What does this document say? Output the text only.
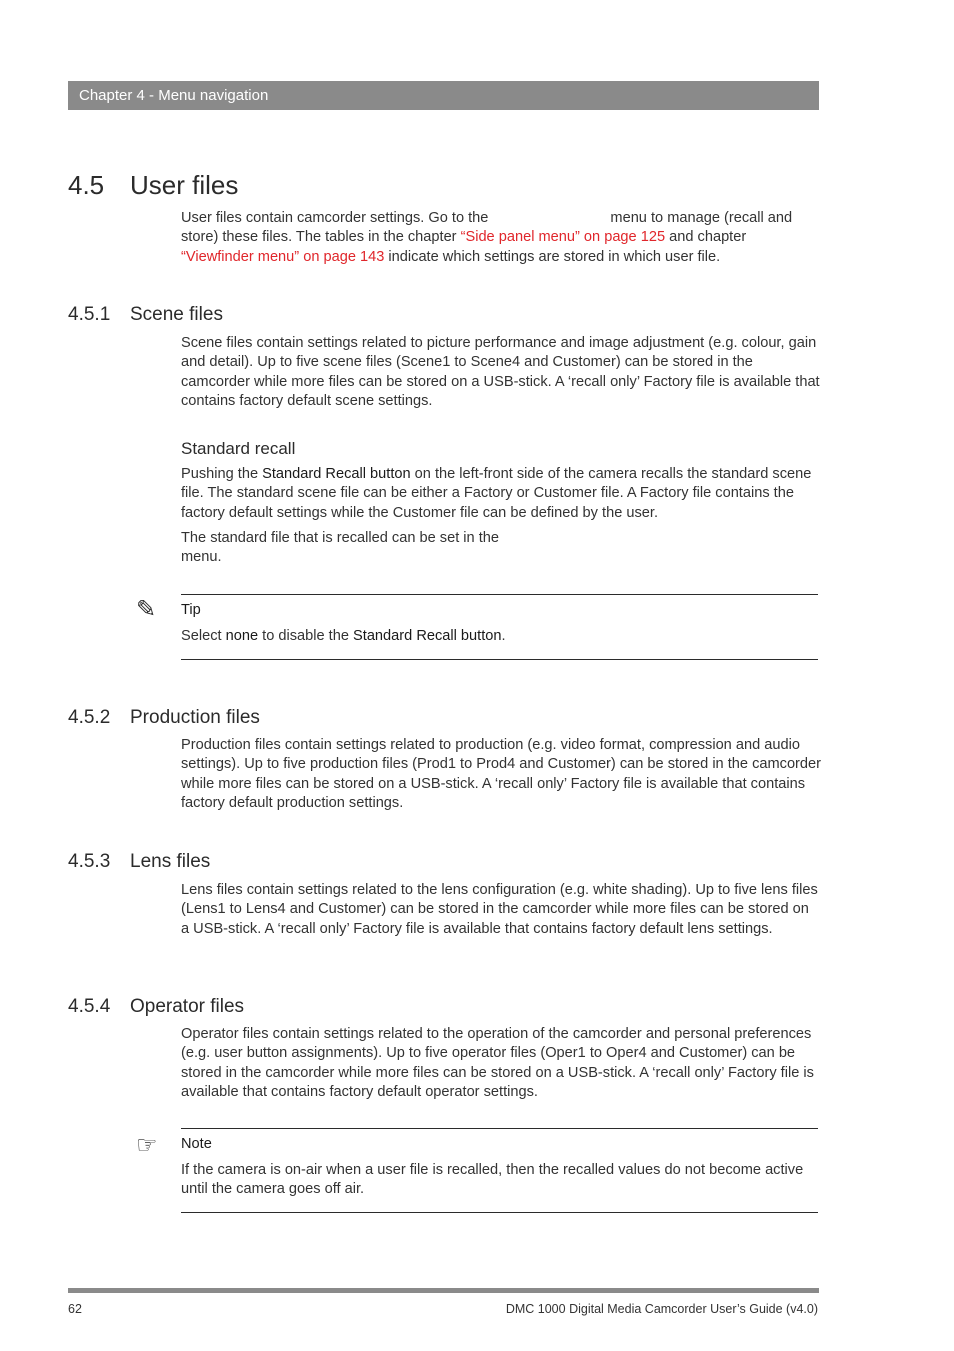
Chapter 4 - Menu navigation
4.5 User files

User files contain camcorder settings. Go to the	menu to manage (recall and store) these files. The tables in the chapter “Side panel menu” on page 125 and chapter “Viewfinder menu” on page 143 indicate which settings are stored in which user file.

4.5.1 Scene files

Scene files contain settings related to picture performance and image adjustment (e.g. colour, gain and detail). Up to five scene files (Scene1 to Scene4 and Customer) can be stored in the camcorder while more files can be stored on a USB-stick. A ‘recall only’ Factory file is available that contains factory default scene settings.

Standard recall

Pushing the Standard Recall button on the left-front side of the camera recalls the standard scene file. The standard scene file can be either a Factory or Customer file. A Factory file contains the factory default settings while the Customer file can be defined by the user.

The standard file that is recalled can be set in the
menu.

✎ Tip

Select none to disable the Standard Recall button.

4.5.2 Production files

Production files contain settings related to production (e.g. video format, compression and audio settings). Up to five production files (Prod1 to Prod4 and Customer) can be stored in the camcorder while more files can be stored on a USB-stick. A ‘recall only’ Factory file is available that contains factory default production settings.

4.5.3 Lens files

Lens files contain settings related to the lens configuration (e.g. white shading). Up to five lens files (Lens1 to Lens4 and Customer) can be stored in the camcorder while more files can be stored on a USB-stick. A ‘recall only’ Factory file is available that contains factory default lens settings.

4.5.4 Operator files

Operator files contain settings related to the operation of the camcorder and personal preferences (e.g. user button assignments). Up to five operator files (Oper1 to Oper4 and Customer) can be stored in the camcorder while more files can be stored on a USB-stick. A ‘recall only’ Factory file is available that contains factory default operator settings.

☞ Note

If the camera is on-air when a user file is recalled, then the recalled values do not become active until the camera goes off air.

62	DMC 1000 Digital Media Camcorder User’s Guide (v4.0)
